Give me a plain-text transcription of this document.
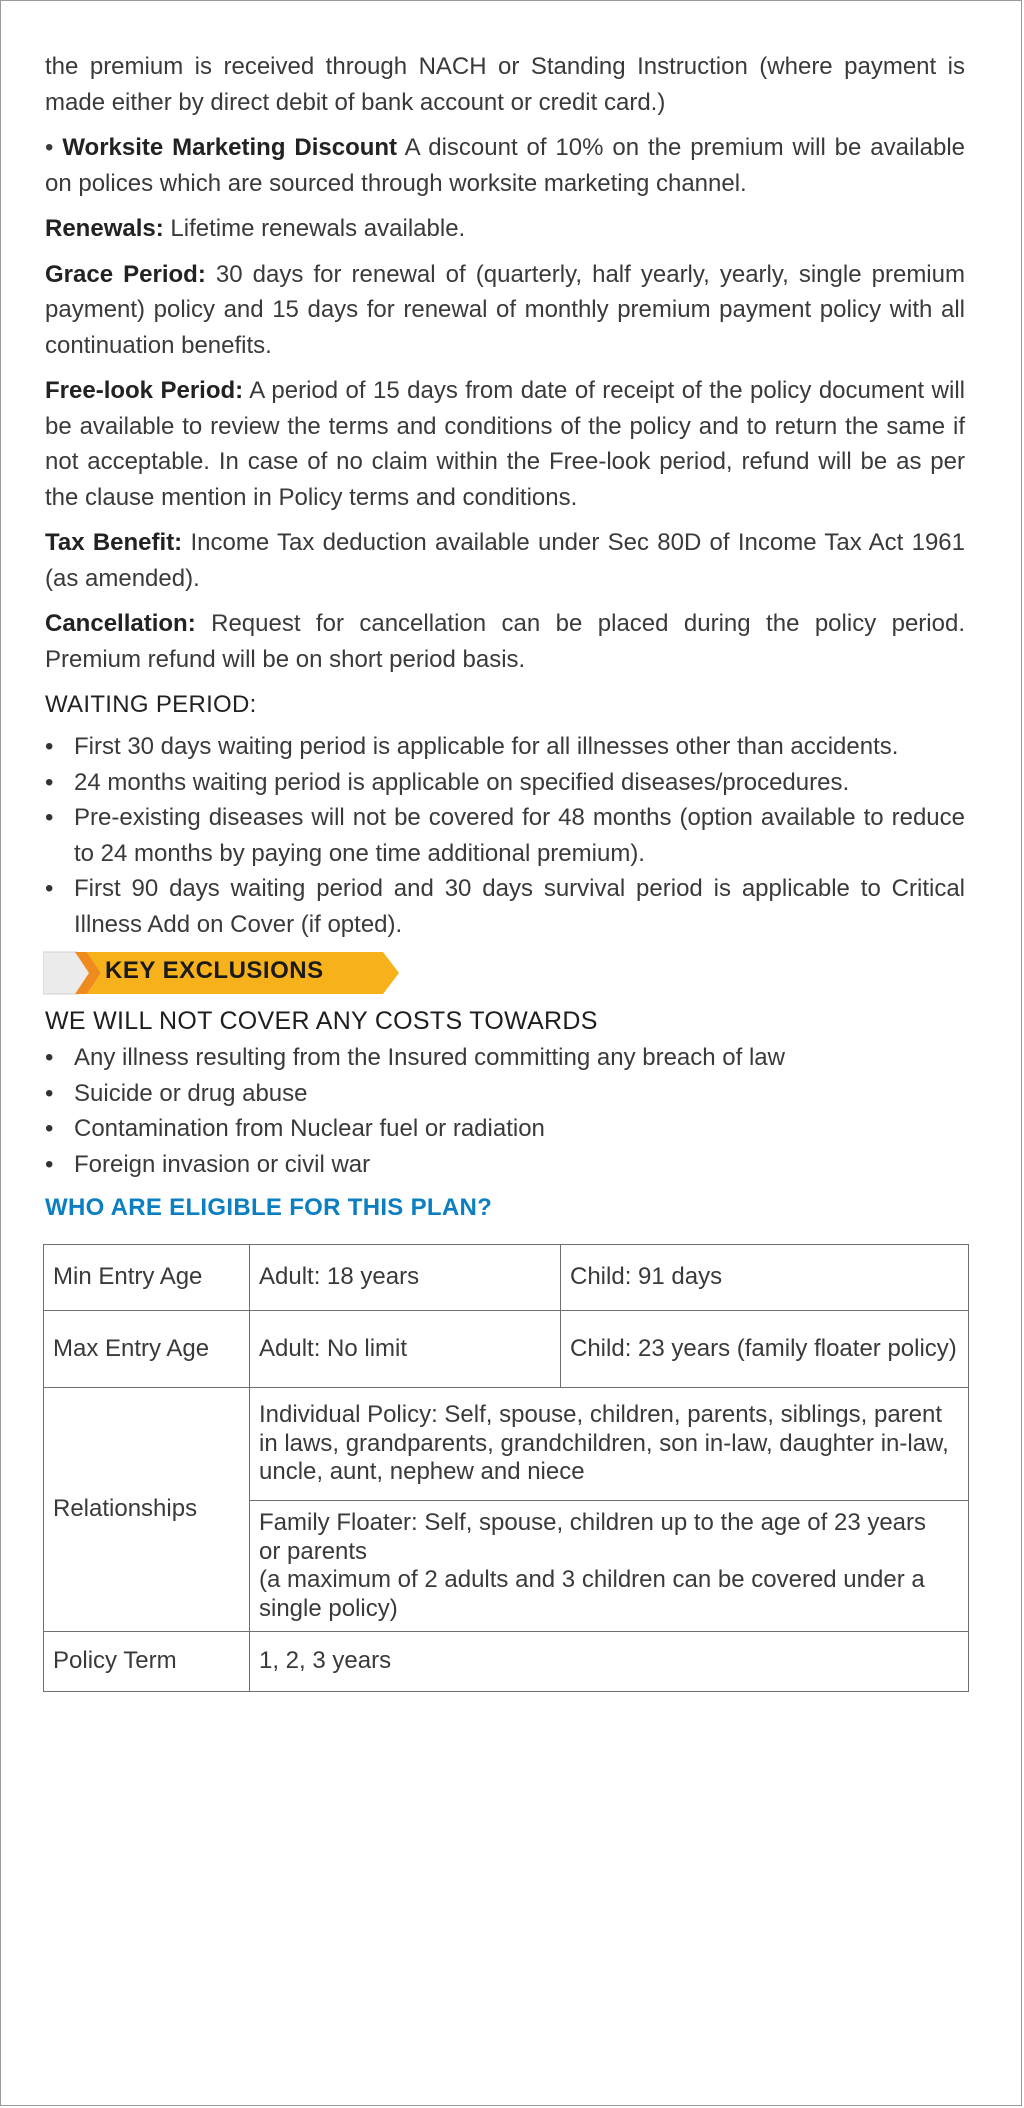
the premium is received through NACH or Standing Instruction (where payment is made either by direct debit of bank account or credit card.)

• Worksite Marketing Discount A discount of 10% on the premium will be available on polices which are sourced through worksite marketing channel.

Renewals: Lifetime renewals available.

Grace Period: 30 days for renewal of (quarterly, half yearly, yearly, single premium payment) policy and 15 days for renewal of monthly premium payment policy with all continuation benefits.

Free-look Period: A period of 15 days from date of receipt of the policy document will be available to review the terms and conditions of the policy and to return the same if not acceptable. In case of no claim within the Free-look period, refund will be as per the clause mention in Policy terms and conditions.

Tax Benefit: Income Tax deduction available under Sec 80D of Income Tax Act 1961 (as amended).

Cancellation: Request for cancellation can be placed during the policy period. Premium refund will be on short period basis.

WAITING PERIOD:
• First 30 days waiting period is applicable for all illnesses other than accidents.
• 24 months waiting period is applicable on specified diseases/procedures.
• Pre-existing diseases will not be covered for 48 months (option available to reduce to 24 months by paying one time additional premium).
• First 90 days waiting period and 30 days survival period is applicable to Critical Illness Add on Cover (if opted).
KEY EXCLUSIONS
WE WILL NOT COVER ANY COSTS TOWARDS
• Any illness resulting from the Insured committing any breach of law
• Suicide or drug abuse
• Contamination from Nuclear fuel or radiation
• Foreign invasion or civil war
WHO ARE ELIGIBLE FOR THIS PLAN?
Min Entry Age	Adult: 18 years	Child: 91 days
Max Entry Age	Adult: No limit	Child: 23 years (family floater policy)
Relationships	Individual Policy: Self, spouse, children, parents, siblings, parent in laws, grandparents, grandchildren, son in-law, daughter in-law, uncle, aunt, nephew and niece	

	Family Floater: Self, spouse, children up to the age of 23 years or parents
(a maximum of 2 adults and 3 children can be covered under a single policy)	

Policy Term	1, 2, 3 years	
